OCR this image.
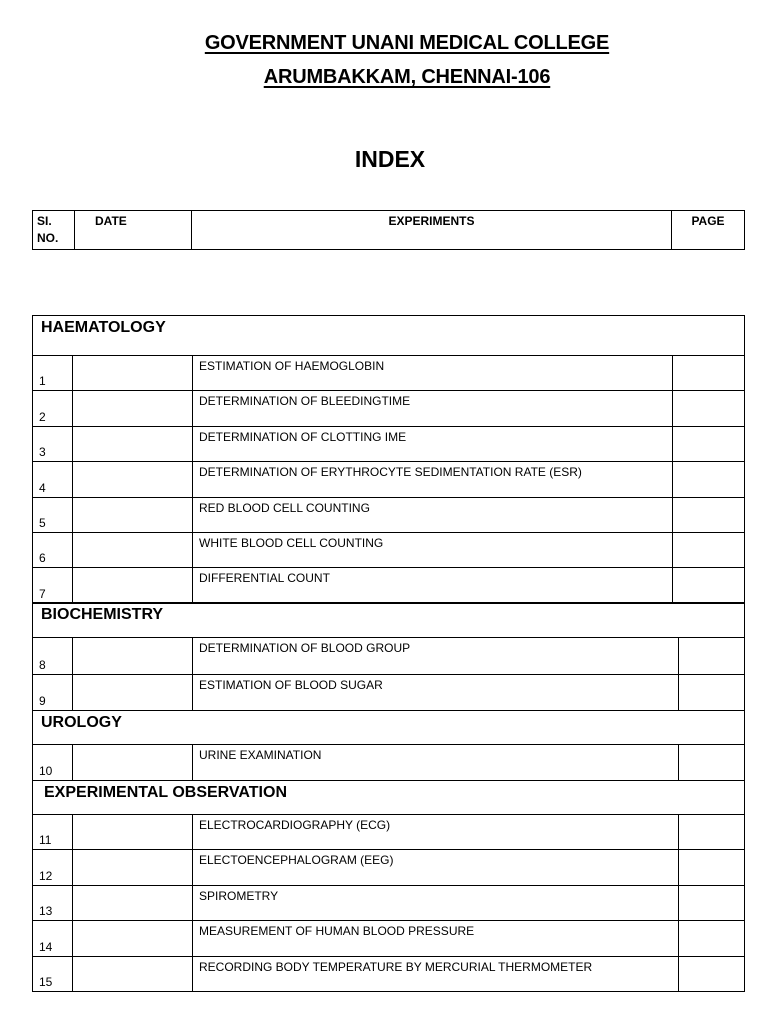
GOVERNMENT UNANI MEDICAL COLLEGE
ARUMBAKKAM, CHENNAI-106
INDEX
SI. NO.	DATE	EXPERIMENTS	PAGE
HAEMATOLOGY			
1		ESTIMATION OF HAEMOGLOBIN	
2		DETERMINATION OF BLEEDINGTIME	
3		DETERMINATION OF CLOTTING IME	
4		DETERMINATION OF ERYTHROCYTE SEDIMENTATION RATE (ESR)	
5		RED BLOOD CELL COUNTING	
6		WHITE BLOOD CELL COUNTING	
7		DIFFERENTIAL COUNT	
BIOCHEMISTRY			
8		DETERMINATION OF BLOOD GROUP	
9		ESTIMATION OF BLOOD SUGAR	
UROLOGY
10		URINE EXAMINATION	
EXPERIMENTAL OBSERVATION			
11		ELECTROCARDIOGRAPHY (ECG)	
12		ELECTOENCEPHALOGRAM (EEG)	
13		SPIROMETRY	
14		MEASUREMENT OF HUMAN BLOOD PRESSURE	
15		RECORDING BODY TEMPERATURE BY MERCURIAL THERMOMETER	
